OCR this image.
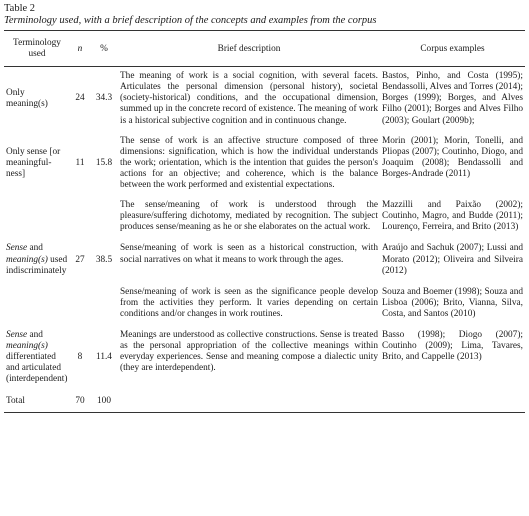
Table 2
Terminology used, with a brief description of the concepts and examples from the corpus
Terminology used	n	%	Brief description	Corpus examples
Only meaning(s)	24	34.3	The meaning of work is a social cognition, with several facets. Articulates the personal dimension (personal history), societal (society-historical) conditions, and the occupational dimension, summed up in the concrete record of existence. The meaning of work is a historical subjective cognition and in continuous change.	Bastos, Pinho, and Costa (1995); Bendassolli, Alves and Torres (2014); Borges (1999); Borges, and Alves Filho (2001); Borges and Alves Filho (2003); Goulart (2009b);
Only sense [or meaningful-ness]	11	15.8	The sense of work is an affective structure composed of three dimensions: signification, which is how the individual understands the work; orientation, which is the intention that guides the person's actions for an objective; and coherence, which is the balance between the work performed and existential expectations.	Morin (2001); Morin, Tonelli, and Pliopas (2007); Coutinho, Diogo, and Joaquim (2008); Bendassolli and Borges-Andrade (2011)
Sense and meaning(s) used indiscriminately	27	38.5	The sense/meaning of work is understood through the pleasure/suffering dichotomy, mediated by recognition. The subject produces sense/meaning as he or she elaborates on the actual work.	Mazzilli and Paixão (2002); Coutinho, Magro, and Budde (2011); Lourenço, Ferreira, and Brito (2013)
			Sense/meaning of work is seen as a historical construction, with social narratives on what it means to work through the ages.	Araújo and Sachuk (2007); Lussi and Morato (2012); Oliveira and Silveira (2012)
			Sense/meaning of work is seen as the significance people develop from the activities they perform. It varies depending on certain conditions and/or changes in work routines.	Souza and Boemer (1998); Souza and Lisboa (2006); Brito, Vianna, Silva, Costa, and Santos (2010)
Sense and meaning(s) differentiated and articulated (interdependent)	8	11.4	Meanings are understood as collective constructions. Sense is treated as the personal appropriation of the collective meanings within everyday experiences. Sense and meaning compose a dialectic unity (they are interdependent).	Basso (1998); Diogo (2007); Coutinho (2009); Lima, Tavares, Brito, and Cappelle (2013)
Total	70	100		
